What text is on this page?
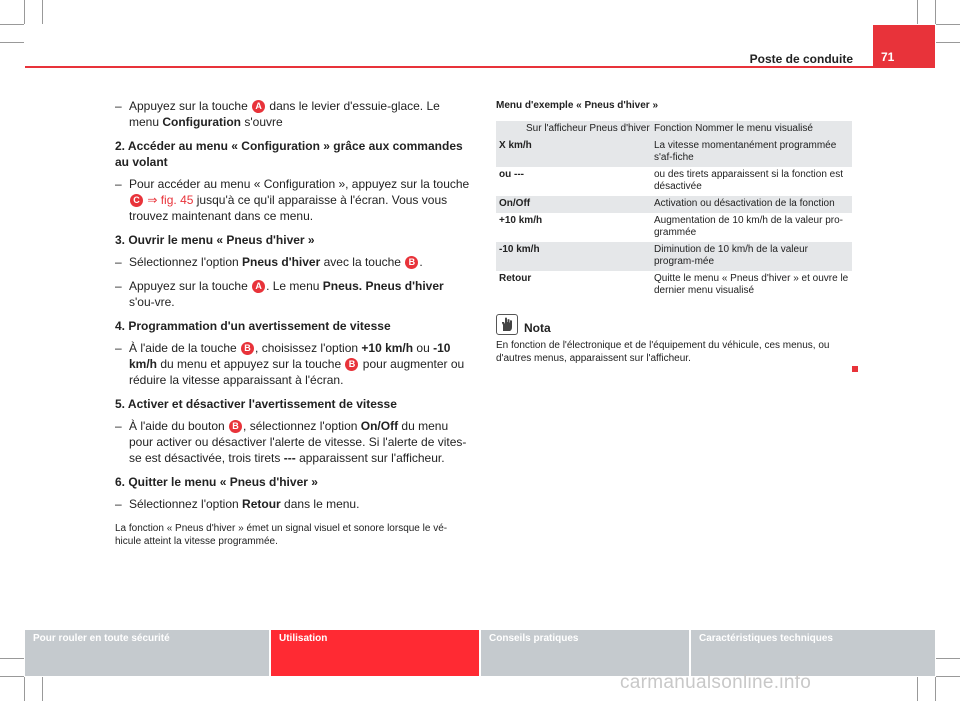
Poste de conduite	71
– Appuyez sur la touche A dans le levier d'essuie-glace. Le menu Configuration s'ouvre
2. Accéder au menu « Configuration » grâce aux commandes au volant
– Pour accéder au menu « Configuration », appuyez sur la touche C ⇒ fig. 45 jusqu'à ce qu'il apparaisse à l'écran. Vous vous trouvez maintenant dans ce menu.
3. Ouvrir le menu « Pneus d'hiver »
– Sélectionnez l'option Pneus d'hiver avec la touche B .
– Appuyez sur la touche A . Le menu Pneus. Pneus d'hiver s'ou-vre.
4. Programmation d'un avertissement de vitesse
– À l'aide de la touche B , choisissez l'option +10 km/h ou -10 km/h du menu et appuyez sur la touche B pour augmenter ou réduire la vitesse apparaissant à l'écran.
5. Activer et désactiver l'avertissement de vitesse
– À l'aide du bouton B , sélectionnez l'option On/Off du menu pour activer ou désactiver l'alerte de vitesse. Si l'alerte de vites-se est désactivée, trois tirets --- apparaissent sur l'afficheur.
6. Quitter le menu « Pneus d'hiver »
– Sélectionnez l'option Retour dans le menu.
La fonction « Pneus d'hiver » émet un signal visuel et sonore lorsque le vé-hicule atteint la vitesse programmée.
Menu d'exemple « Pneus d'hiver »
Sur l'afficheur Pneus d'hiver	Fonction Nommer le menu visualisé
X km/h	La vitesse momentanément programmée s'af-fiche
ou ---	ou des tirets apparaissent si la fonction est désactivée
On/Off	Activation ou désactivation de la fonction
+10 km/h	Augmentation de 10 km/h de la valeur pro-grammée
-10 km/h	Diminution de 10 km/h de la valeur program-mée
Retour	Quitte le menu « Pneus d'hiver » et ouvre le dernier menu visualisé
Nota
En fonction de l'électronique et de l'équipement du véhicule, ces menus, ou d'autres menus, apparaissent sur l'afficheur.
Pour rouler en toute sécurité	Utilisation	Conseils pratiques	Caractéristiques techniques
carmanualsonline.info
